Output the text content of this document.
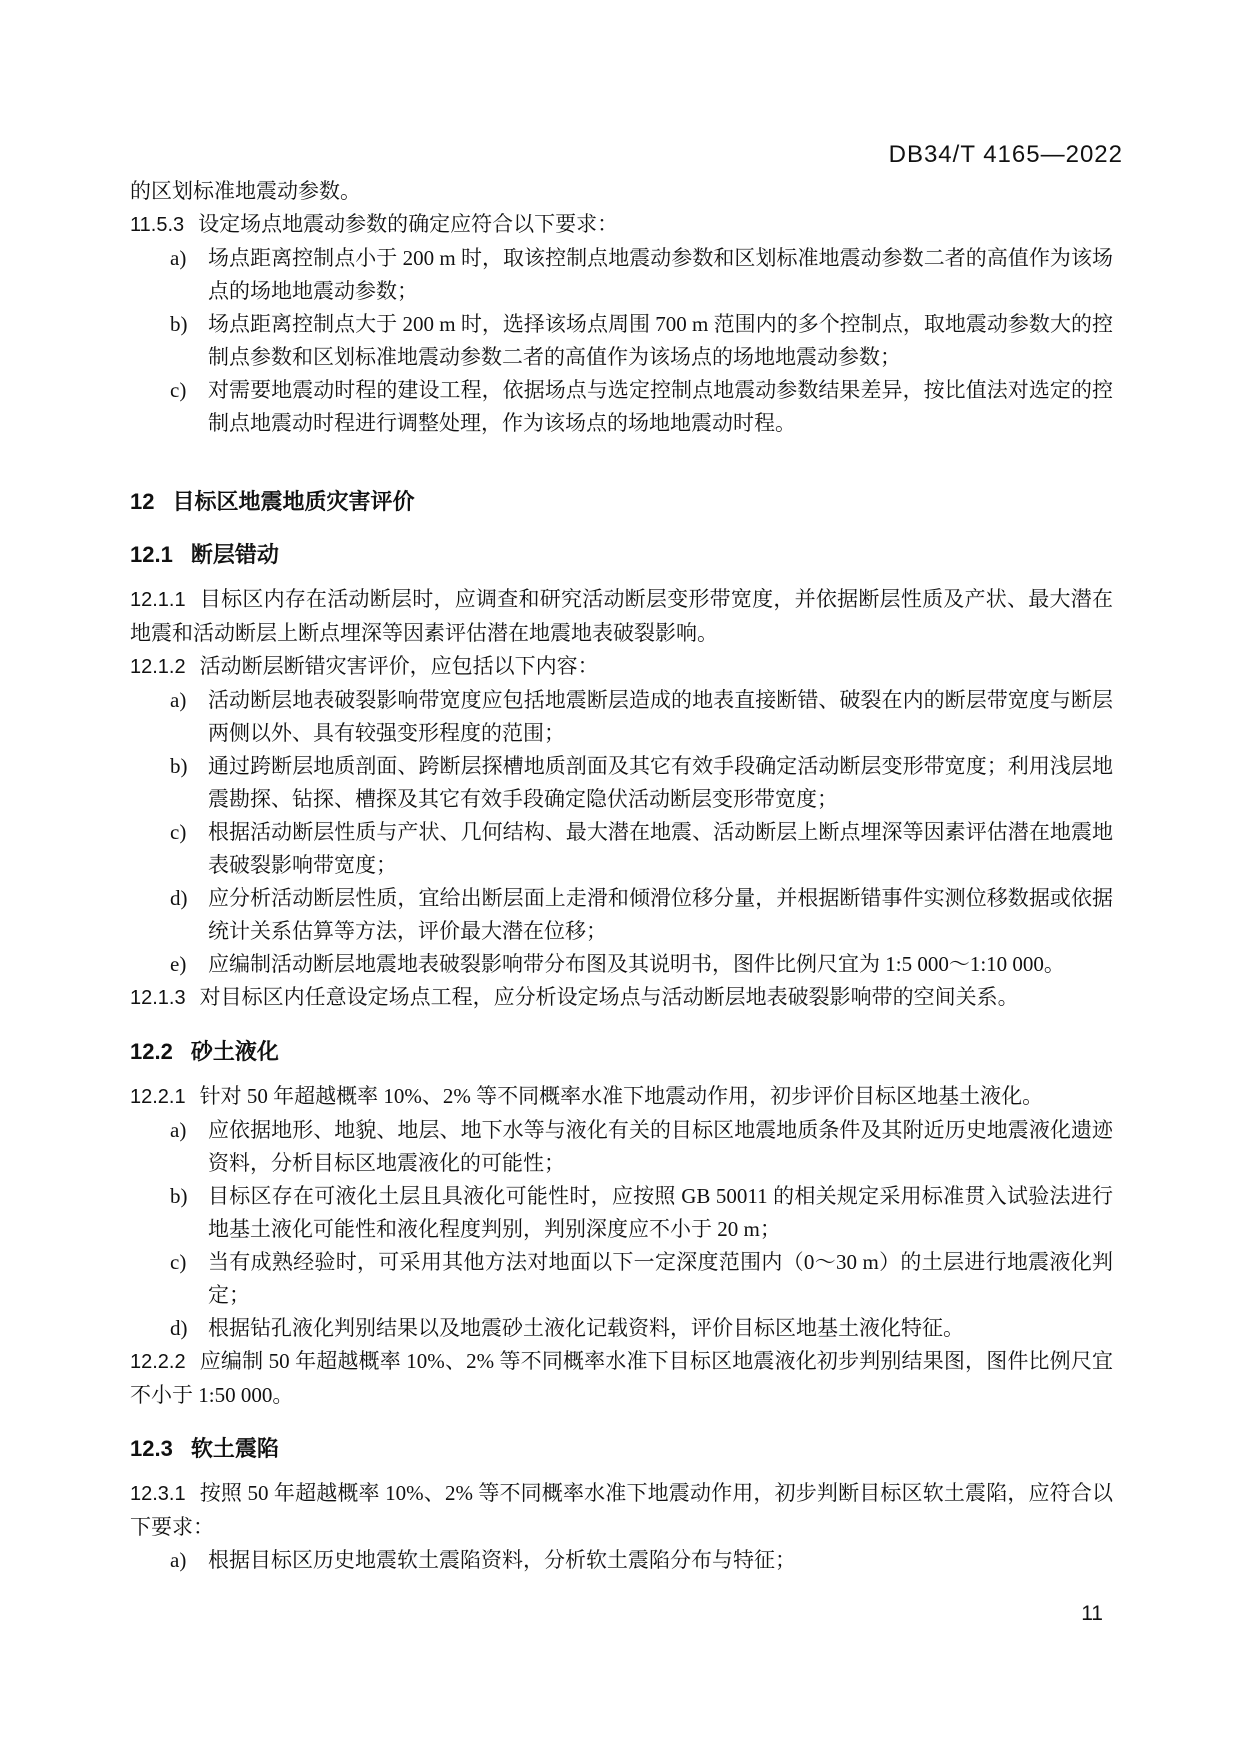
DB34/T 4165—2022

的区划标准地震动参数。

11.5.3 设定场点地震动参数的确定应符合以下要求：

a) 场点距离控制点小于 200 m 时，取该控制点地震动参数和区划标准地震动参数二者的高值作为该场点的场地地震动参数；

b) 场点距离控制点大于 200 m 时，选择该场点周围 700 m 范围内的多个控制点，取地震动参数大的控制点参数和区划标准地震动参数二者的高值作为该场点的场地地震动参数；

c) 对需要地震动时程的建设工程，依据场点与选定控制点地震动参数结果差异，按比值法对选定的控制点地震动时程进行调整处理，作为该场点的场地地震动时程。

12 目标区地震地质灾害评价

12.1 断层错动

12.1.1 目标区内存在活动断层时，应调查和研究活动断层变形带宽度，并依据断层性质及产状、最大潜在地震和活动断层上断点埋深等因素评估潜在地震地表破裂影响。

12.1.2 活动断层断错灾害评价，应包括以下内容：

a) 活动断层地表破裂影响带宽度应包括地震断层造成的地表直接断错、破裂在内的断层带宽度与断层两侧以外、具有较强变形程度的范围；

b) 通过跨断层地质剖面、跨断层探槽地质剖面及其它有效手段确定活动断层变形带宽度；利用浅层地震勘探、钻探、槽探及其它有效手段确定隐伏活动断层变形带宽度；

c) 根据活动断层性质与产状、几何结构、最大潜在地震、活动断层上断点埋深等因素评估潜在地震地表破裂影响带宽度；

d) 应分析活动断层性质，宜给出断层面上走滑和倾滑位移分量，并根据断错事件实测位移数据或依据统计关系估算等方法，评价最大潜在位移；

e) 应编制活动断层地震地表破裂影响带分布图及其说明书，图件比例尺宜为 1:5 000～1:10 000。

12.1.3 对目标区内任意设定场点工程，应分析设定场点与活动断层地表破裂影响带的空间关系。

12.2 砂土液化

12.2.1 针对 50 年超越概率 10%、2% 等不同概率水准下地震动作用，初步评价目标区地基土液化。

a) 应依据地形、地貌、地层、地下水等与液化有关的目标区地震地质条件及其附近历史地震液化遗迹资料，分析目标区地震液化的可能性；

b) 目标区存在可液化土层且具液化可能性时，应按照 GB 50011 的相关规定采用标准贯入试验法进行地基土液化可能性和液化程度判别，判别深度应不小于 20 m；

c) 当有成熟经验时，可采用其他方法对地面以下一定深度范围内（0～30 m）的土层进行地震液化判定；

d) 根据钻孔液化判别结果以及地震砂土液化记载资料，评价目标区地基土液化特征。

12.2.2 应编制 50 年超越概率 10%、2% 等不同概率水准下目标区地震液化初步判别结果图，图件比例尺宜不小于 1:50 000。

12.3 软土震陷

12.3.1 按照 50 年超越概率 10%、2% 等不同概率水准下地震动作用，初步判断目标区软土震陷，应符合以下要求：

a) 根据目标区历史地震软土震陷资料，分析软土震陷分布与特征；

11
